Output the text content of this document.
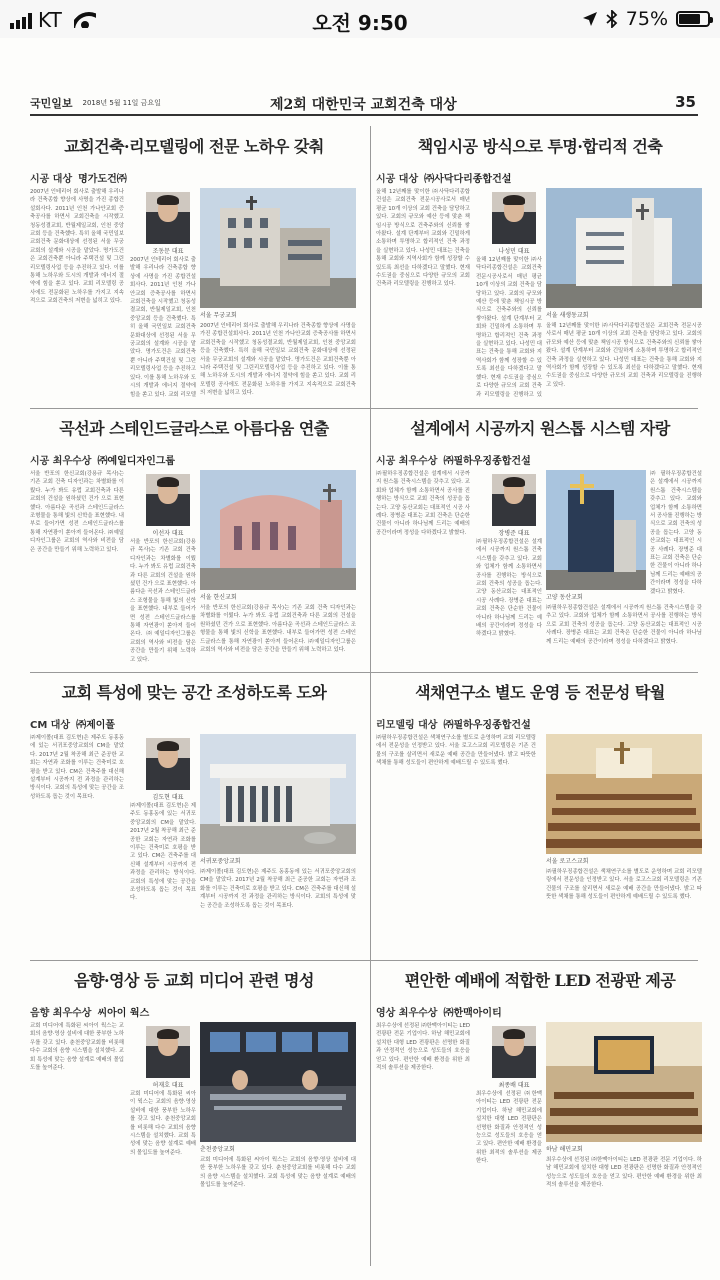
KT	오전 9:50	75%
국민일보 2018년 5월 11일 금요일	제2회 대한민국 교회건축 대상	35
교회건축·리모델링에 전문 노하우 갖춰
시공 대상 명가도건㈜
2007년 인테리어 회사로 출발해 우리나라 건축종합 향상에 사명을 가진 종합건설회사다. 2011년 인천 가나안교회 증축공사를 하면서 교회건축을 시작했고 청동성결교회, 반월제일교회, 인천 중앙교회 등을 건축했다. 특히 올해 국민일보 교회건축 문화대상에 선정된 서울 무궁교회의 설계와 시공을 맡았다. 명가도건은 교회건축뿐 아니라 주택건설 및 그린리모델링사업 등을 추진하고 있다. 이를 통해 노하우와 도시의 개발과 에너지 절약에 힘을 쏟고 있다. 교회 리모델링 공사에도 전문화된 노하우를 가지고 지속적으로 교회건축의 저변을 넓히고 있다.
조동문 대표
2007년 인테리어 회사로 출발해 우리나라 건축종합 향상에 사명을 가진 종합건설회사다. 2011년 인천 가나안교회 증축공사를 하면서 교회건축을 시작했고 청동성결교회, 반월제일교회, 인천 중앙교회 등을 건축했다. 특히 올해 국민일보 교회건축 문화대상에 선정된 서울 무궁교회의 설계와 시공을 맡았다. 명가도건은 교회건축뿐 아니라 주택건설 및 그린리모델링사업 등을 추진하고 있다. 이를 통해 노하우와 도시의 개발과 에너지 절약에 힘을 쏟고 있다. 교회 리모델
서울 무궁교회
2007년 인테리어 회사로 출발해 우리나라 건축종합 향상에 사명을 가진 종합건설회사다. 2011년 인천 가나안교회 증축공사를 하면서 교회건축을 시작했고 청동성결교회, 반월제일교회, 인천 중앙교회 등을 건축했다. 특히 올해 국민일보 교회건축 문화대상에 선정된 서울 무궁교회의 설계와 시공을 맡았다. 명가도건은 교회건축뿐 아니라 주택건설 및 그린리모델링사업 등을 추진하고 있다. 이를 통해 노하우와 도시의 개발과 에너지 절약에 힘을 쏟고 있다. 교회 리모델링 공사에도 전문화된 노하우를 가지고 지속적으로 교회건축의 저변을 넓히고 있다.
책임시공 방식으로 투명·합리적 건축
시공 대상 ㈜사닥다리종합건설
올해 12년째를 맞이한 ㈜사닥다리종합건설은 교회건축 전문시공사로서 매년 평균 10개 이상의 교회 건축을 담당하고 있다. 교회의 규모와 예산 등에 맞춘 책임시공 방식으로 건축주와의 신뢰를 쌓아왔다. 설계 단계부터 교회와 긴밀하게 소통하며 투명하고 합리적인 건축 과정을 실현하고 있다. 나성민 대표는 건축을 통해 교회와 지역사회가 함께 성장할 수 있도록 최선을 다하겠다고 말했다. 현재 수도권을 중심으로 다양한 규모의 교회 건축과 리모델링을 진행하고 있다.
나성민 대표
올해 12년째를 맞이한 ㈜사닥다리종합건설은 교회건축 전문시공사로서 매년 평균 10개 이상의 교회 건축을 담당하고 있다. 교회의 규모와 예산 등에 맞춘 책임시공 방식으로 건축주와의 신뢰를 쌓아왔다. 설계 단계부터 교회와 긴밀하게 소통하며 투명하고 합리적인 건축 과정을 실현하고 있다. 나성민 대표는 건축을 통해 교회와 지역사회가 함께 성장할 수 있도록 최선을 다하겠다고 말했다. 현재 수도권을 중심으로 다양한 규모의 교회 건축과 리모델링을 진행하고 있
서울 새생동교회
올해 12년째를 맞이한 ㈜사닥다리종합건설은 교회건축 전문시공사로서 매년 평균 10개 이상의 교회 건축을 담당하고 있다. 교회의 규모와 예산 등에 맞춘 책임시공 방식으로 건축주와의 신뢰를 쌓아왔다. 설계 단계부터 교회와 긴밀하게 소통하며 투명하고 합리적인 건축 과정을 실현하고 있다. 나성민 대표는 건축을 통해 교회와 지역사회가 함께 성장할 수 있도록 최선을 다하겠다고 말했다. 현재 수도권을 중심으로 다양한 규모의 교회 건축과 리모델링을 진행하고 있다.
곡선과 스테인드글라스로 아름다움 연출
시공 최우수상 ㈜예일디자인그룹
서울 반포의 한신교회(강용규 목사)는 기존 교회 건축 디자인과는 차별화를 이뤘다. 누가 봐도 유럽 교회건축과 다른 교회의 건설을 원하셨던 건가 으로 표현했다. 아름다운 곡선과 스테인드글라스 조형물을 통해 빛의 신학을 표현했다. 내부로 들어가면 성전 스테인드글라스를 통해 자연광이 쏟아져 들어온다. ㈜예일디자인그룹은 교회의 역사와 비전을 담은 공간을 만들기 위해 노력하고 있다.
이선자 대표
서울 반포의 한신교회(강용규 목사)는 기존 교회 건축 디자인과는 차별화를 이뤘다. 누가 봐도 유럽 교회건축과 다른 교회의 건설을 원하셨던 건가 으로 표현했다. 아름다운 곡선과 스테인드글라스 조형물을 통해 빛의 신학을 표현했다. 내부로 들어가면 성전 스테인드글라스를 통해 자연광이 쏟아져 들어온다. ㈜예일디자인그룹은 교회의 역사와 비전을 담은 공간을 만들기 위해 노력하고 있다.
서울 한신교회
서울 반포의 한신교회(강용규 목사)는 기존 교회 건축 디자인과는 차별화를 이뤘다. 누가 봐도 유럽 교회건축과 다른 교회의 건설을 원하셨던 건가 으로 표현했다. 아름다운 곡선과 스테인드글라스 조형물을 통해 빛의 신학을 표현했다. 내부로 들어가면 성전 스테인드글라스를 통해 자연광이 쏟아져 들어온다. ㈜예일디자인그룹은 교회의 역사와 비전을 담은 공간을 만들기 위해 노력하고 있다.
설계에서 시공까지 원스톱 시스템 자랑
시공 최우수상 ㈜필하우징종합건설
㈜필하우징종합건설은 설계에서 시공까지 원스톱 건축시스템을 갖추고 있다. 교회와 업체가 함께 소통하면서 공사를 진행하는 방식으로 교회 건축의 성공을 돕는다. 고양 동산교회는 대표적인 시공 사례다. 장병준 대표는 교회 건축은 단순한 건물이 아니라 하나님께 드리는 예배의 공간이라며 정성을 다하겠다고 밝혔다.	장병준 대표
㈜필하우징종합건설은 설계에서 시공까지 원스톱 건축시스템을 갖추고 있다. 교회와 업체가 함께 소통하면서 공사를 진행하는 방식으로 교회 건축의 성공을 돕는다. 고양 동산교회는 대표적인 시공 사례다. 장병준 대표는 교회 건축은 단순한 건물이 아니라 하나님께 드리는 예배의 공간이라며 정성을 다하겠다고 밝혔다.
고양 동산교회
㈜필하우징종합건설은 설계에서 시공까지 원스톱 건축시스템을 갖추고 있다. 교회와 업체가 함께 소통하면서 공사를 진행하는 방식으로 교회 건축의 성공을 돕는다. 고양 동산교회는 대표적인 시공 사례다. 장병준 대표는 교회 건축은 단순한 건물이 아니라 하나님께 드리는 예배의 공간이라며 정성을 다하겠다고 밝혔다.
㈜필하우징종합건설은 설계에서 시공까지 원스톱 건축시스템을 갖추고 있다. 교회와 업체가 함께 소통하면서 공사를 진행하는 방식으로 교회 건축의 성공을 돕는다. 고양 동산교회는 대표적인 시공 사례다. 장병준 대표는 교회 건축은 단순한 건물이 아니라 하나님께 드리는 예배의 공간이라며 정성을 다하겠다고 밝혔다.
교회 특성에 맞는 공간 조성하도록 도와
CM 대상 ㈜제이폴
㈜제이폴(대표 김도현)은 제주도 동홍동에 있는 서귀포중앙교회의 CM을 맡았다. 2017년 2월 착공해 최근 준공한 교회는 자연과 조화를 이루는 건축미로 호평을 받고 있다. CM은 건축주를 대신해 설계부터 시공까지 전 과정을 관리하는 방식이다. 교회의 특성에 맞는 공간을 조성하도록 돕는 것이 목표다.	김도현 대표
㈜제이폴(대표 김도현)은 제주도 동홍동에 있는 서귀포중앙교회의 CM을 맡았다. 2017년 2월 착공해 최근 준공한 교회는 자연과 조화를 이루는 건축미로 호평을 받고 있다. CM은 건축주를 대신해 설계부터 시공까지 전 과정을 관리하는 방식이다. 교회의 특성에 맞는 공간을 조성하도록 돕는 것이 목표다.
서귀포중앙교회
㈜제이폴(대표 김도현)은 제주도 동홍동에 있는 서귀포중앙교회의 CM을 맡았다. 2017년 2월 착공해 최근 준공한 교회는 자연과 조화를 이루는 건축미로 호평을 받고 있다. CM은 건축주를 대신해 설계부터 시공까지 전 과정을 관리하는 방식이다. 교회의 특성에 맞는 공간을 조성하도록 돕는 것이 목표다.
색채연구소 별도 운영 등 전문성 탁월
리모델링 대상 ㈜필하우징종합건설
㈜필하우징종합건설은 색채연구소를 별도로 운영하며 교회 리모델링에서 전문성을 인정받고 있다. 서울 로고스교회 리모델링은 기존 건물의 구조를 살리면서 새로운 예배 공간을 만들어냈다. 밝고 따뜻한 색채를 통해 성도들이 편안하게 예배드릴 수 있도록 했다.
서울 로고스교회
㈜필하우징종합건설은 색채연구소를 별도로 운영하며 교회 리모델링에서 전문성을 인정받고 있다. 서울 로고스교회 리모델링은 기존 건물의 구조를 살리면서 새로운 예배 공간을 만들어냈다. 밝고 따뜻한 색채를 통해 성도들이 편안하게 예배드릴 수 있도록 했다.
음향·영상 등 교회 미디어 관련 명성
음향 최우수상 씨아이 웍스
교회 미디어에 특화된 씨아이 웍스는 교회의 음향·영상 설비에 대한 풍부한 노하우를 갖고 있다. 춘천중앙교회를 비롯해 다수 교회의 음향 시스템을 설치했다. 교회 특성에 맞는 음향 설계로 예배의 몰입도를 높여준다.
허재호 대표
교회 미디어에 특화된 씨아이 웍스는 교회의 음향·영상 설비에 대한 풍부한 노하우를 갖고 있다. 춘천중앙교회를 비롯해 다수 교회의 음향 시스템을 설치했다. 교회 특성에 맞는 음향 설계로 예배의 몰입도를 높여준다.	춘천중앙교회
교회 미디어에 특화된 씨아이 웍스는 교회의 음향·영상 설비에 대한 풍부한 노하우를 갖고 있다. 춘천중앙교회를 비롯해 다수 교회의 음향 시스템을 설치했다. 교회 특성에 맞는 음향 설계로 예배의 몰입도를 높여준다.
편안한 예배에 적합한 LED 전광판 제공
영상 최우수상 ㈜한맥아이티
최우수상에 선정된 ㈜한맥아이티는 LED 전광판 전문 기업이다. 하남 해민교회에 설치한 대형 LED 전광판은 선명한 화질과 안정적인 성능으로 성도들의 호응을 얻고 있다. 편안한 예배 환경을 위한 최적의 솔루션을 제공한다.
최종배 대표
최우수상에 선정된 ㈜한맥아이티는 LED 전광판 전문 기업이다. 하남 해민교회에 설치한 대형 LED 전광판은 선명한 화질과 안정적인 성능으로 성도들의 호응을 얻고 있다. 편안한 예배 환경을 위한 최적의 솔루션을 제공한다.
하남 해민교회
최우수상에 선정된 ㈜한맥아이티는 LED 전광판 전문 기업이다. 하남 해민교회에 설치한 대형 LED 전광판은 선명한 화질과 안정적인 성능으로 성도들의 호응을 얻고 있다. 편안한 예배 환경을 위한 최적의 솔루션을 제공한다.
